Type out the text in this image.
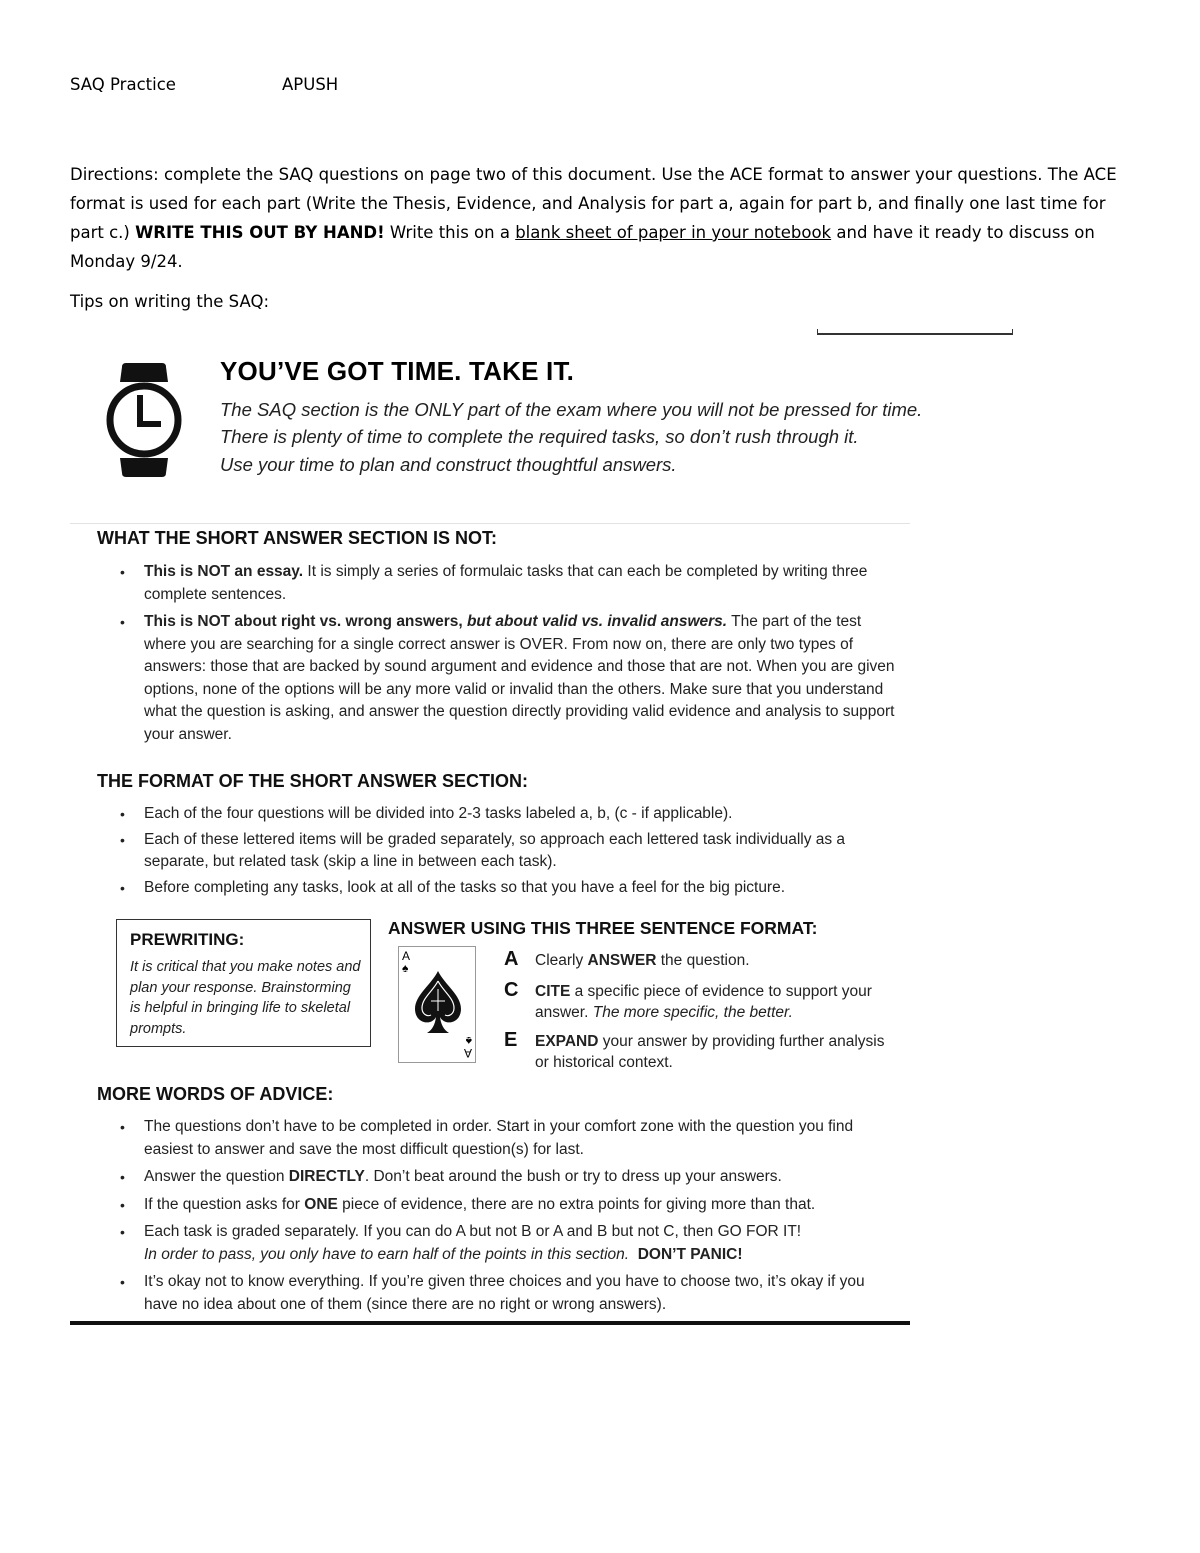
SAQ Practice	APUSH
Directions: complete the SAQ questions on page two of this document. Use the ACE format to answer your questions. The ACE format is used for each part (Write the Thesis, Evidence, and Analysis for part a, again for part b, and finally one last time for part c.) WRITE THIS OUT BY HAND! Write this on a blank sheet of paper in your notebook and have it ready to discuss on Monday 9/24.
Tips on writing the SAQ:
YOU’VE GOT TIME. TAKE IT.
The SAQ section is the ONLY part of the exam where you will not be pressed for time.
There is plenty of time to complete the required tasks, so don’t rush through it.
Use your time to plan and construct thoughtful answers.
WHAT THE SHORT ANSWER SECTION IS NOT:
• This is NOT an essay. It is simply a series of formulaic tasks that can each be completed by writing three complete sentences.
• This is NOT about right vs. wrong answers, but about valid vs. invalid answers. The part of the test where you are searching for a single correct answer is OVER. From now on, there are only two types of answers: those that are backed by sound argument and evidence and those that are not. When you are given options, none of the options will be any more valid or invalid than the others. Make sure that you understand what the question is asking, and answer the question directly providing valid evidence and analysis to support your answer.
THE FORMAT OF THE SHORT ANSWER SECTION:
• Each of the four questions will be divided into 2-3 tasks labeled a, b, (c - if applicable).
• Each of these lettered items will be graded separately, so approach each lettered task individually as a separate, but related task (skip a line in between each task).
• Before completing any tasks, look at all of the tasks so that you have a feel for the big picture.
PREWRITING:
It is critical that you make notes and plan your response. Brainstorming is helpful in bringing life to skeletal prompts.
ANSWER USING THIS THREE SENTENCE FORMAT:
A
♠
A
♠
A Clearly ANSWER the question.
C CITE a specific piece of evidence to support your answer. The more specific, the better.
E EXPAND your answer by providing further analysis or historical context.
MORE WORDS OF ADVICE:
• The questions don’t have to be completed in order. Start in your comfort zone with the question you find easiest to answer and save the most difficult question(s) for last.
• Answer the question DIRECTLY. Don’t beat around the bush or try to dress up your answers.
• If the question asks for ONE piece of evidence, there are no extra points for giving more than that.
• Each task is graded separately. If you can do A but not B or A and B but not C, then GO FOR IT!
In order to pass, you only have to earn half of the points in this section. DON’T PANIC!
• It’s okay not to know everything. If you’re given three choices and you have to choose two, it’s okay if you have no idea about one of them (since there are no right or wrong answers).
